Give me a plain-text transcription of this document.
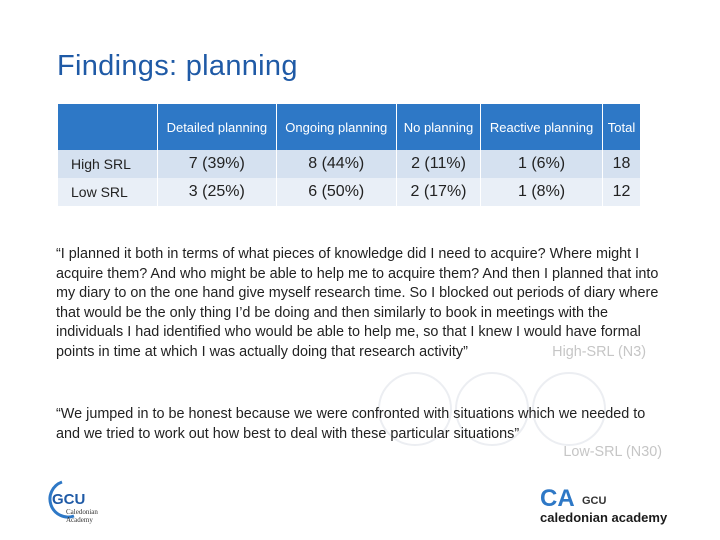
Findings: planning
	Detailed planning	Ongoing planning	No planning	Reactive planning	Total
High SRL	7 (39%)	8 (44%)	2 (11%)	1 (6%)	18
Low SRL	3 (25%)	6 (50%)	2 (17%)	1 (8%)	12
“I planned it both in terms of what pieces of knowledge did I need to acquire? Where might I acquire them? And who might be able to help me to acquire them? And then I planned that into my diary to on the one hand give myself research time. So I blocked out periods of diary where that would be the only thing I’d be doing and then similarly to book in meetings with the individuals I had identified who would be able to help me, so that I knew I would have formal points in time at which I was actually doing that research activity”	High-SRL (N3)
“We jumped in to be honest because we were confronted with situations which we needed to and we tried to work out how best to deal with these particular situations”
Low-SRL (N30)
GCU
Caledonian
Academy
CA GCU
caledonian academy
